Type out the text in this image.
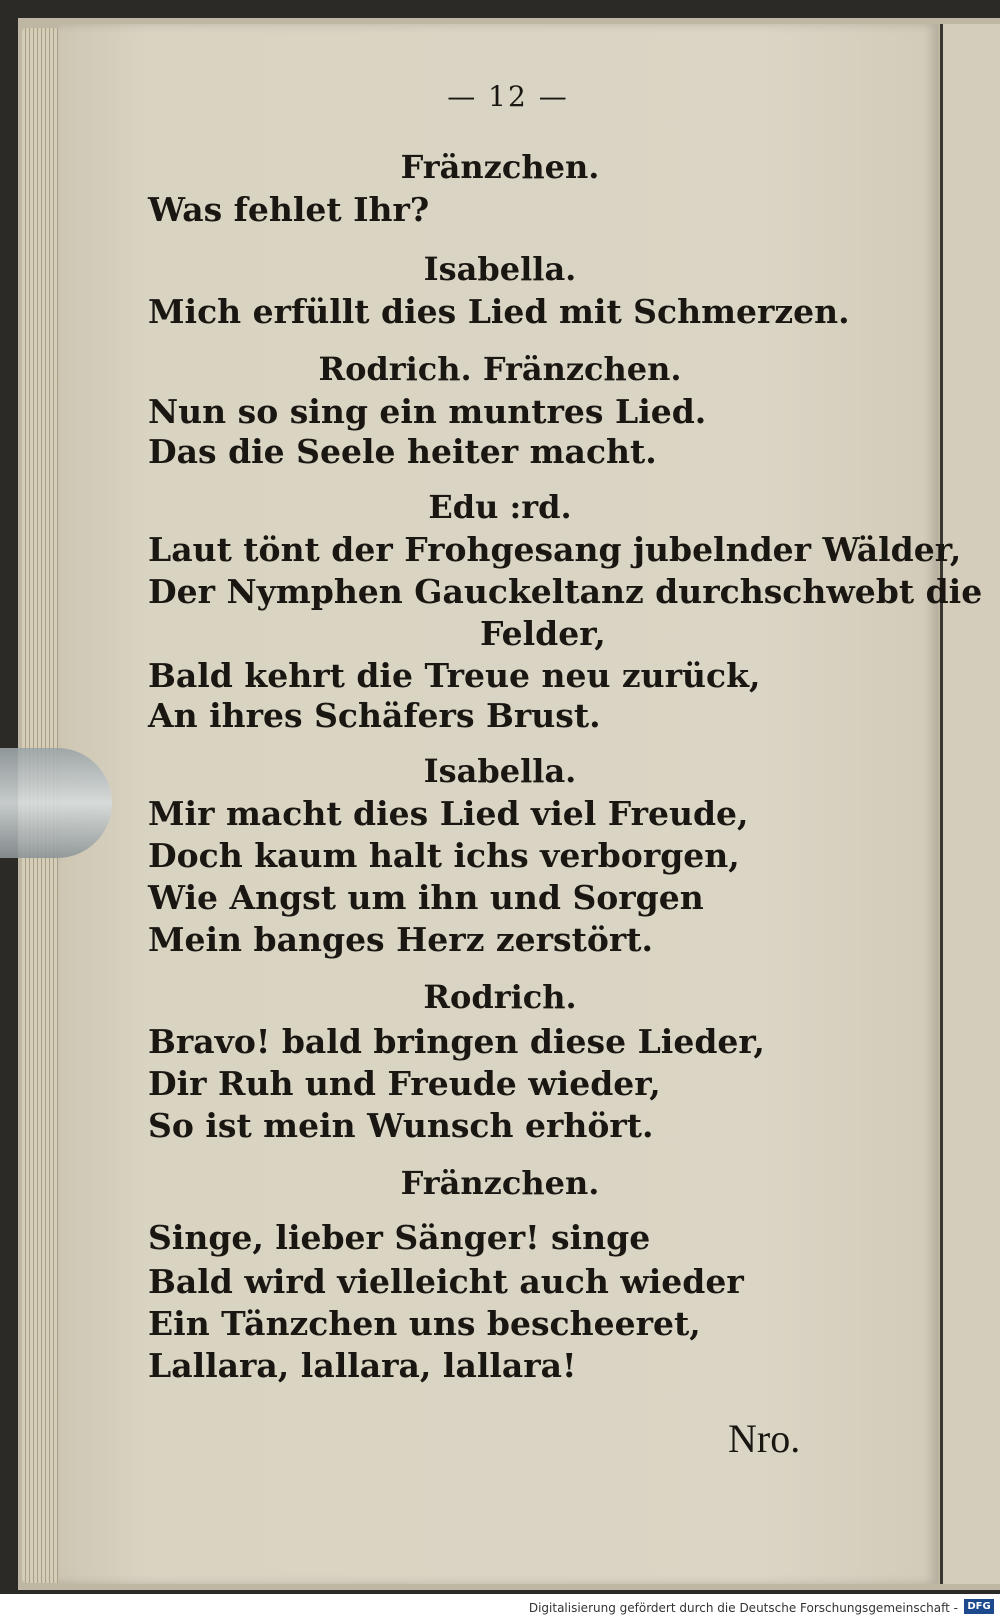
— 12 —
Fränzchen.
Was fehlet Ihr?
Isabella.
Mich erfüllt dies Lied mit Schmerzen.
Rodrich. Fränzchen.
Nun so sing ein muntres Lied.
Das die Seele heiter macht.
Edu :rd.
Laut tönt der Frohgesang jubelnder Wälder,
Der Nymphen Gauckeltanz durchschwebt die
Felder,
Bald kehrt die Treue neu zurück,
An ihres Schäfers Brust.
Isabella.
Mir macht dies Lied viel Freude,
Doch kaum halt ichs verborgen,
Wie Angst um ihn und Sorgen
Mein banges Herz zerstört.
Rodrich.
Bravo! bald bringen diese Lieder,
Dir Ruh und Freude wieder,
So ist mein Wunsch erhört.
Fränzchen.
Singe, lieber Sänger! singe
Bald wird vielleicht auch wieder
Ein Tänzchen uns bescheeret,
Lallara, lallara, lallara!
Nro.
Digitalisierung gefördert durch die Deutsche Forschungsgemeinschaft - DFG
